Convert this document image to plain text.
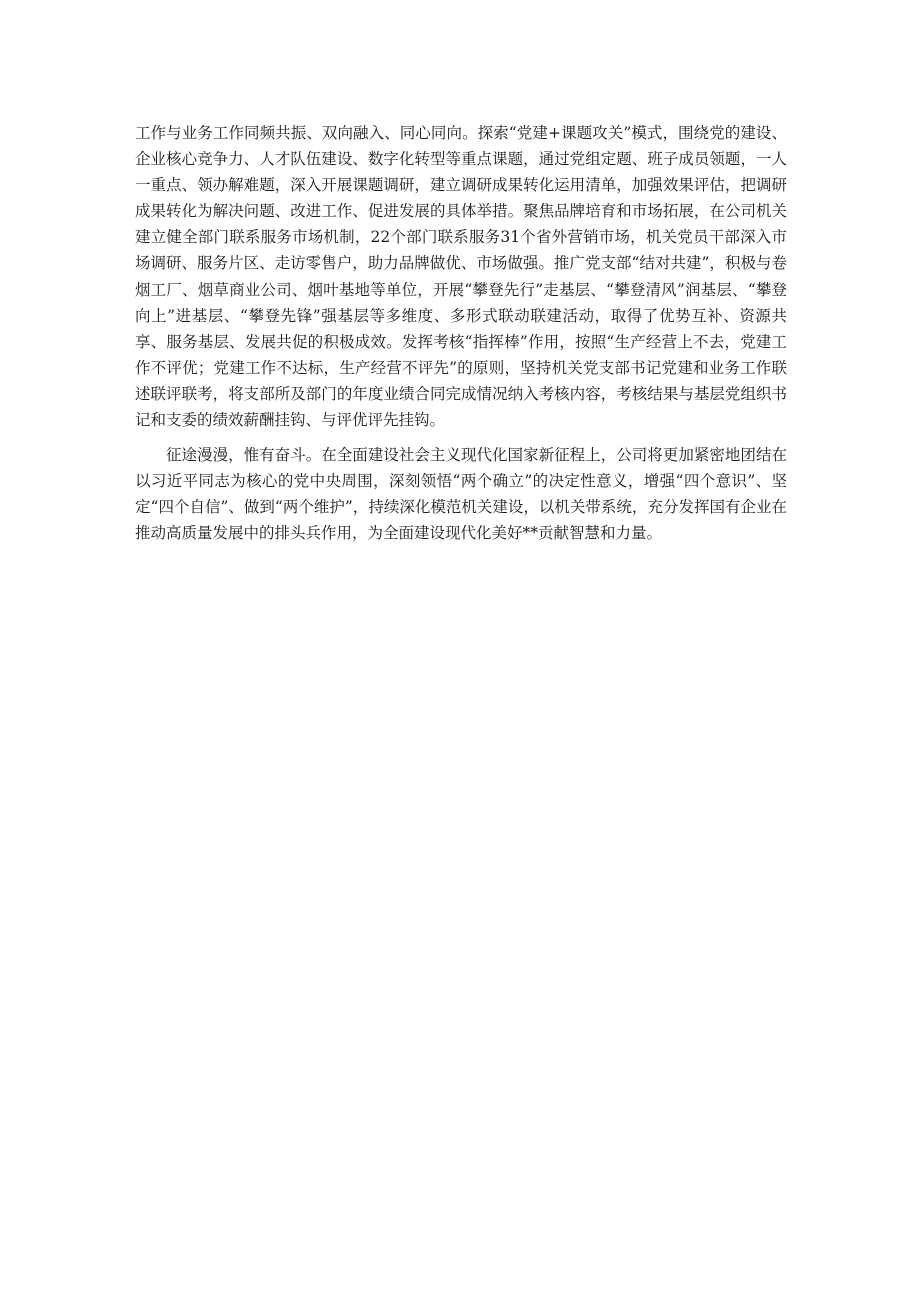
工作与业务工作同频共振、双向融入、同心同向。探索“党建+课题攻关”模式，围绕党的建设、企业核心竞争力、人才队伍建设、数字化转型等重点课题，通过党组定题、班子成员领题，一人一重点、领办解难题，深入开展课题调研，建立调研成果转化运用清单，加强效果评估，把调研成果转化为解决问题、改进工作、促进发展的具体举措。聚焦品牌培育和市场拓展，在公司机关建立健全部门联系服务市场机制，22个部门联系服务31个省外营销市场，机关党员干部深入市场调研、服务片区、走访零售户，助力品牌做优、市场做强。推广党支部“结对共建”，积极与卷烟工厂、烟草商业公司、烟叶基地等单位，开展“攀登先行”走基层、“攀登清风”润基层、“攀登向上”进基层、“攀登先锋”强基层等多维度、多形式联动联建活动，取得了优势互补、资源共享、服务基层、发展共促的积极成效。发挥考核“指挥棒”作用，按照“生产经营上不去，党建工作不评优；党建工作不达标，生产经营不评先”的原则，坚持机关党支部书记党建和业务工作联述联评联考，将支部所及部门的年度业绩合同完成情况纳入考核内容，考核结果与基层党组织书记和支委的绩效薪酬挂钩、与评优评先挂钩。

征途漫漫，惟有奋斗。在全面建设社会主义现代化国家新征程上，公司将更加紧密地团结在以习近平同志为核心的党中央周围，深刻领悟“两个确立”的决定性意义，增强“四个意识”、坚定“四个自信”、做到“两个维护”，持续深化模范机关建设，以机关带系统，充分发挥国有企业在推动高质量发展中的排头兵作用，为全面建设现代化美好**贡献智慧和力量。
